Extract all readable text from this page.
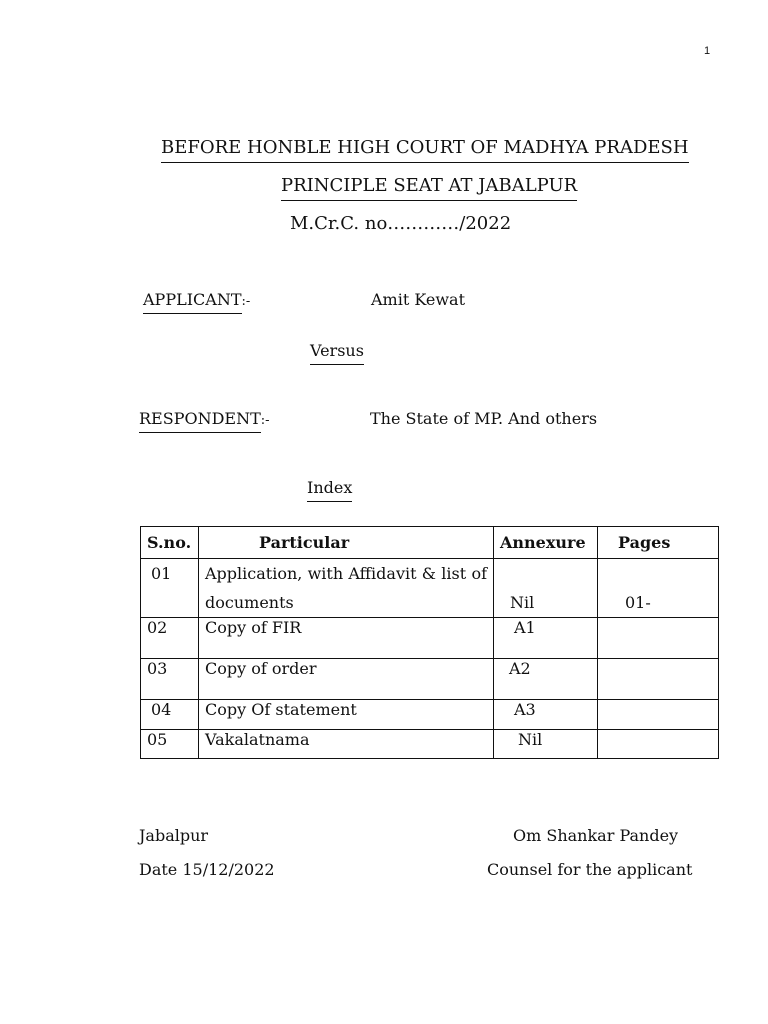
1
BEFORE HONBLE HIGH COURT OF MADHYA PRADESH
PRINCIPLE SEAT AT JABALPUR
M.Cr.C. no…………/2022
APPLICANT:-	Amit Kewat
Versus
RESPONDENT:-	The State of MP. And others
Index
S.no.	Particular	Annexure	Pages
01	Application, with Affidavit & list of documents	Nil	01-
02	Copy of FIR	A1	
03	Copy of order	A2	
04	Copy Of statement	A3	
05	Vakalatnama	Nil	
Jabalpur
Date 15/12/2022
Om Shankar Pandey
Counsel for the applicant
